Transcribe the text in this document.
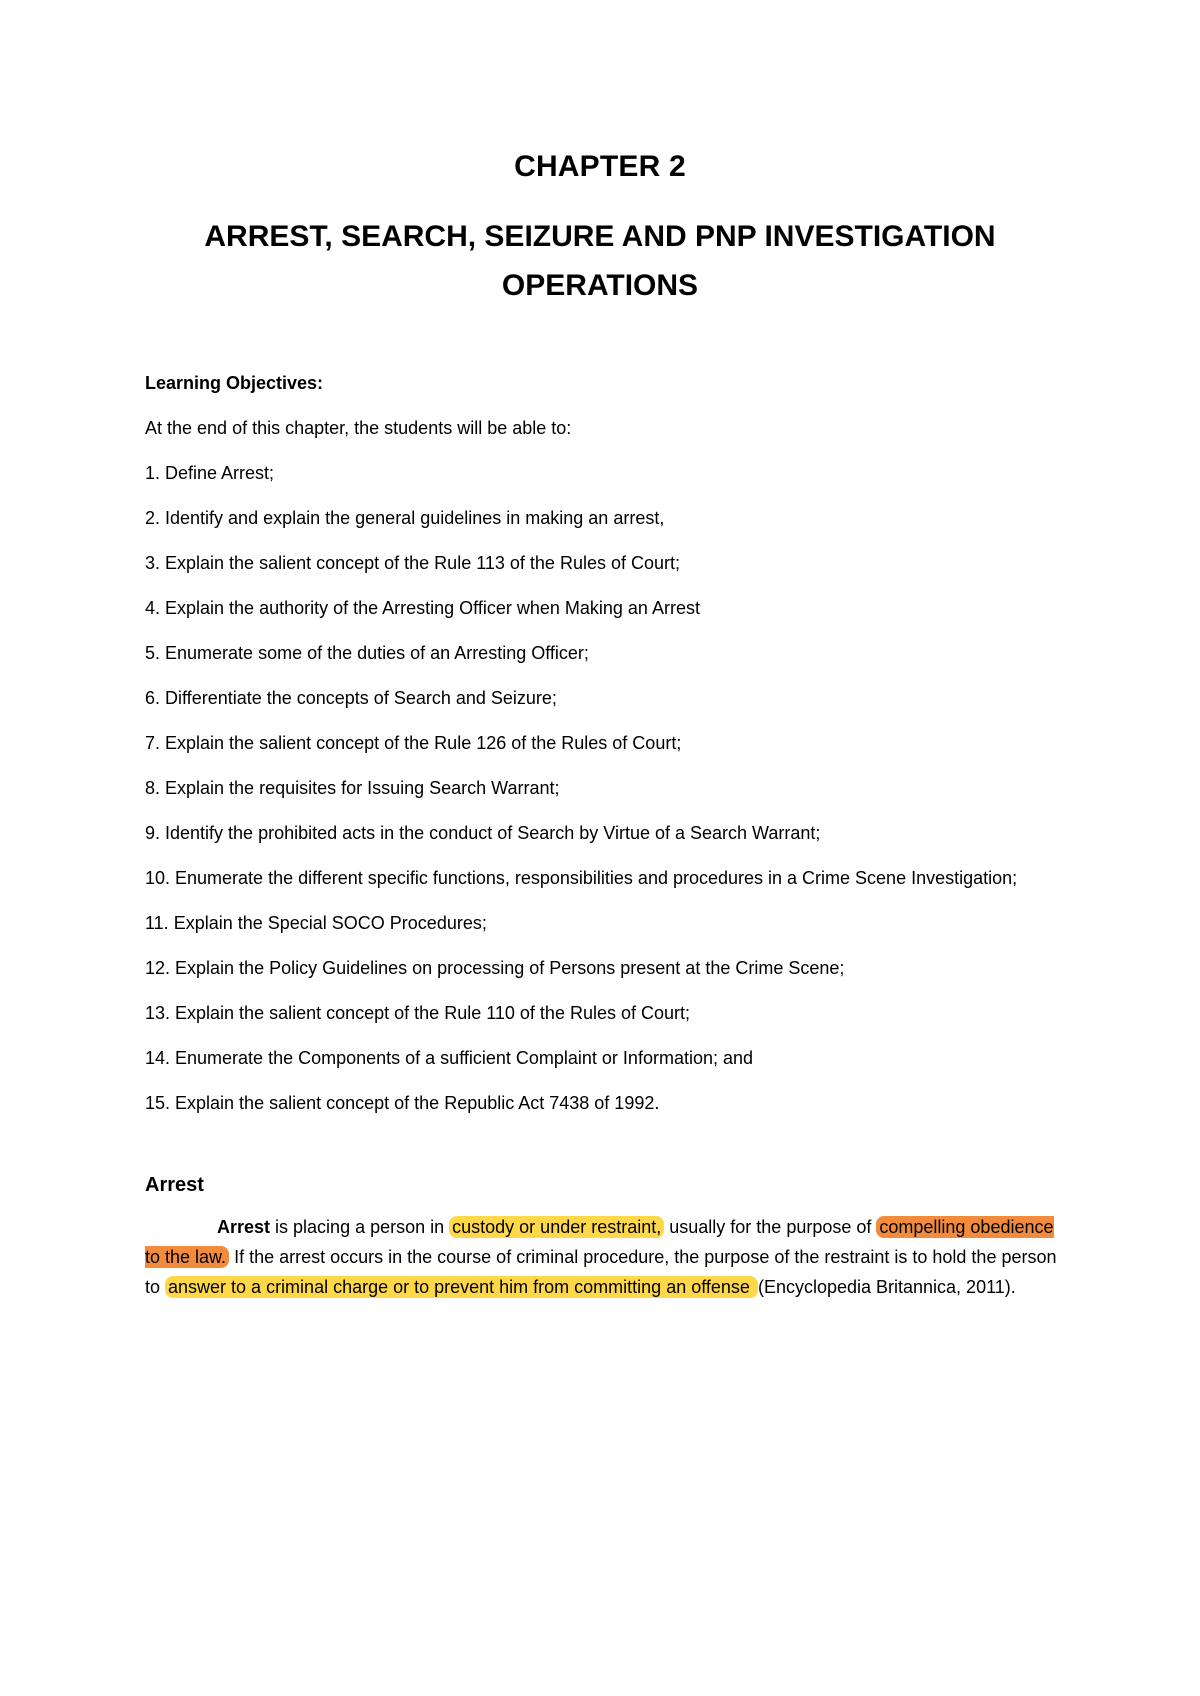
CHAPTER 2
ARREST, SEARCH, SEIZURE AND PNP INVESTIGATION OPERATIONS

Learning Objectives:

At the end of this chapter, the students will be able to:

1. Define Arrest;
2. Identify and explain the general guidelines in making an arrest,
3. Explain the salient concept of the Rule 113 of the Rules of Court;
4. Explain the authority of the Arresting Officer when Making an Arrest
5. Enumerate some of the duties of an Arresting Officer;
6. Differentiate the concepts of Search and Seizure;
7. Explain the salient concept of the Rule 126 of the Rules of Court;
8. Explain the requisites for Issuing Search Warrant;
9. Identify the prohibited acts in the conduct of Search by Virtue of a Search Warrant;
10. Enumerate the different specific functions, responsibilities and procedures in a Crime Scene Investigation;
11. Explain the Special SOCO Procedures;
12. Explain the Policy Guidelines on processing of Persons present at the Crime Scene;
13. Explain the salient concept of the Rule 110 of the Rules of Court;
14. Enumerate the Components of a sufficient Complaint or Information; and
15. Explain the salient concept of the Republic Act 7438 of 1992.
Arrest

Arrest is placing a person in custody or under restraint, usually for the purpose of compelling obedience to the law. If the arrest occurs in the course of criminal procedure, the purpose of the restraint is to hold the person to answer to a criminal charge or to prevent him from committing an offense (Encyclopedia Britannica, 2011).
